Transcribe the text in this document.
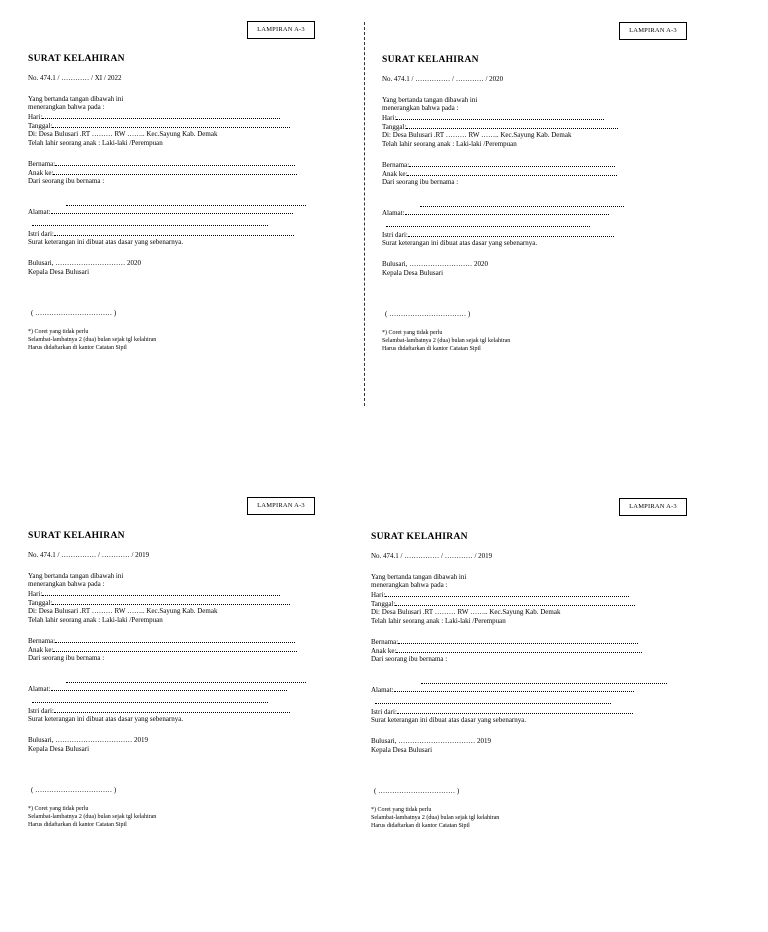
LAMPIRAN A-3
SURAT KELAHIRAN
No. 474.1 / ………… / XI / 2022
Yang bertanda tangan dibawah ini
menerangkan bahwa pada :
Hari:
Tanggal:
Di: Desa Bulusari .RT ……… RW …….. Kec.Sayung Kab. Demak
Telah lahir seorang anak : Laki-laki /Perempuan
Bernama:
Anak ke:
Dari seorang ibu bernama :
Alamat:
Istri dari:
Surat keterangan ini dibuat atas dasar yang sebenarnya.
Bulusari, ………………………… 2020
Kepala Desa Bulusari
( …………………………… )
*) Coret yang tidak perlu
Selambat-lambatnya 2 (dua) bulan sejak tgl kelahiran
Harus didaftarkan di kantor Catatan Sipil
LAMPIRAN A-3
SURAT KELAHIRAN
No. 474.1 / …………… / ………… / 2020
Yang bertanda tangan dibawah ini
menerangkan bahwa pada :
Hari:
Tanggal:
Di: Desa Bulusari .RT ……… RW …….. Kec.Sayung Kab. Demak
Telah lahir seorang anak : Laki-laki /Perempuan
Bernama:
Anak ke:
Dari seorang ibu bernama :
Alamat:
Istri dari:
Surat keterangan ini dibuat atas dasar yang sebenarnya.
Bulusari, ……………………… 2020
Kepala Desa Bulusari
( …………………………… )
*) Coret yang tidak perlu
Selambat-lambatnya 2 (dua) bulan sejak tgl kelahiran
Harus didaftarkan di kantor Catatan Sipil
LAMPIRAN A-3
SURAT KELAHIRAN
No. 474.1 / …………… / ………… / 2019
Yang bertanda tangan dibawah ini
menerangkan bahwa pada :
Hari:
Tanggal:
Di: Desa Bulusari .RT ……… RW …….. Kec.Sayung Kab. Demak
Telah lahir seorang anak : Laki-laki /Perempuan
Bernama:
Anak ke:
Dari seorang ibu bernama :
Alamat:
Istri dari:
Surat keterangan ini dibuat atas dasar yang sebenarnya.
Bulusari, …………………………… 2019
Kepala Desa Bulusari
( …………………………… )
*) Coret yang tidak perlu
Selambat-lambatnya 2 (dua) bulan sejak tgl kelahiran
Harus didaftarkan di kantor Catatan Sipil
LAMPIRAN A-3
SURAT KELAHIRAN
No. 474.1 / …………… / ………… / 2019
Yang bertanda tangan dibawah ini
menerangkan bahwa pada :
Hari:
Tanggal:
Di: Desa Bulusari .RT ……… RW …….. Kec.Sayung Kab. Demak
Telah lahir seorang anak : Laki-laki /Perempuan
Bernama:
Anak ke:
Dari seorang ibu bernama :
Alamat:
Istri dari:
Surat keterangan ini dibuat atas dasar yang sebenarnya.
Bulusari, …………………………… 2019
Kepala Desa Bulusari
( …………………………… )
*) Coret yang tidak perlu
Selambat-lambatnya 2 (dua) bulan sejak tgl kelahiran
Harus didaftarkan di kantor Catatan Sipil
